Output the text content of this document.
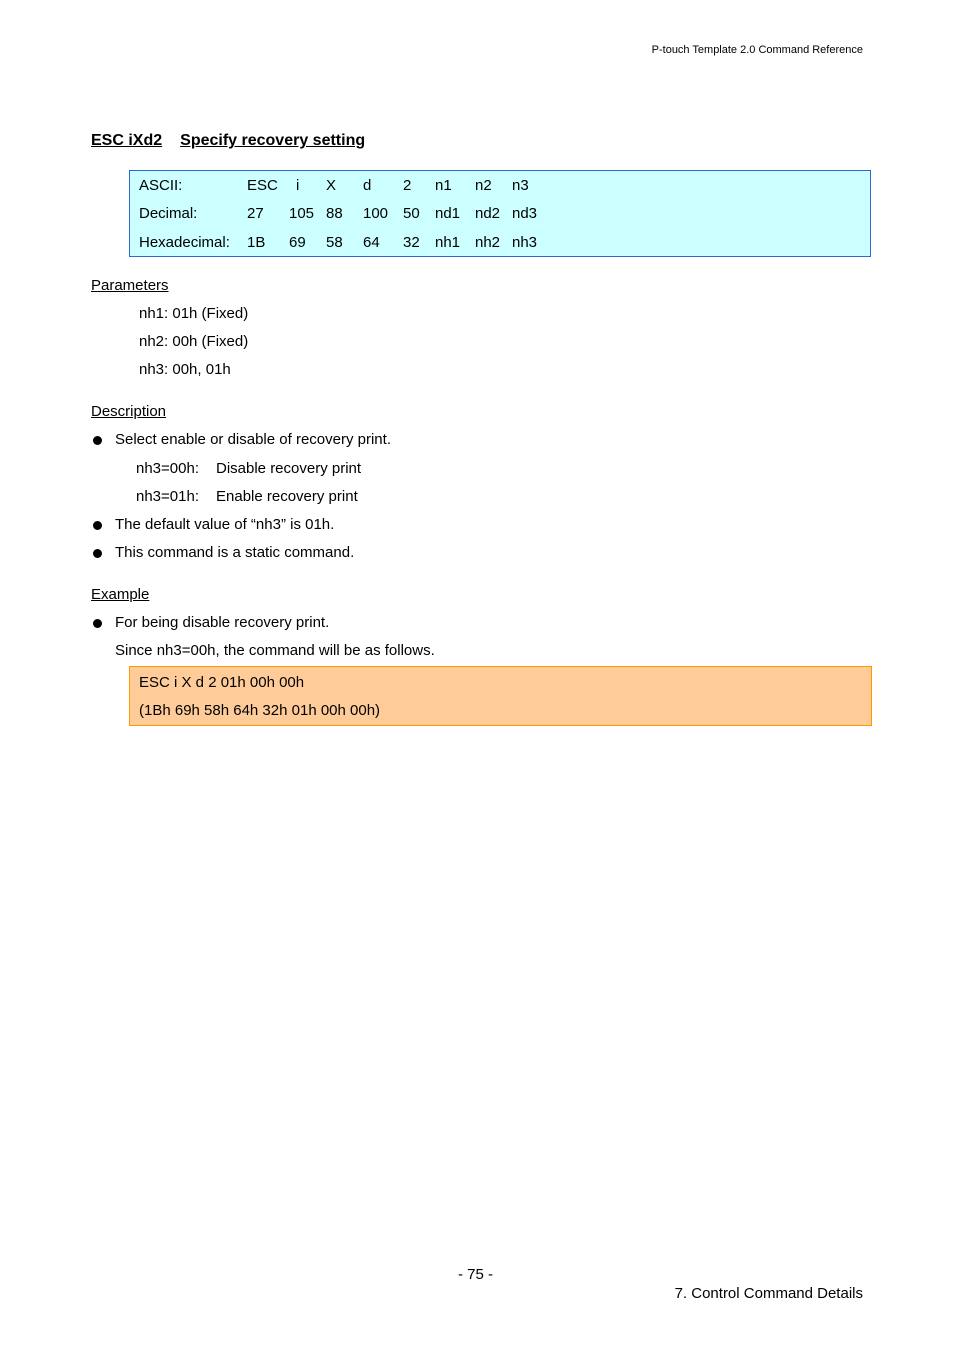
P-touch Template 2.0 Command Reference
ESC iXd2 Specify recovery setting
ASCII:	ESC i X d 2 n1 n2 n3
Decimal:	27 105 88 100 50 nd1 nd2 nd3
Hexadecimal: 1B 69 58 64 32 nh1 nh2 nh3
Parameters
nh1: 01h (Fixed)
nh2: 00h (Fixed)
nh3: 00h, 01h
Description
Select enable or disable of recovery print.
nh3=00h: Disable recovery print
nh3=01h: Enable recovery print
The default value of “nh3” is 01h.
This command is a static command.
Example
For being disable recovery print.
Since nh3=00h, the command will be as follows.
ESC i X d 2 01h 00h 00h
(1Bh 69h 58h 64h 32h 01h 00h 00h)
- 75 -
7. Control Command Details
